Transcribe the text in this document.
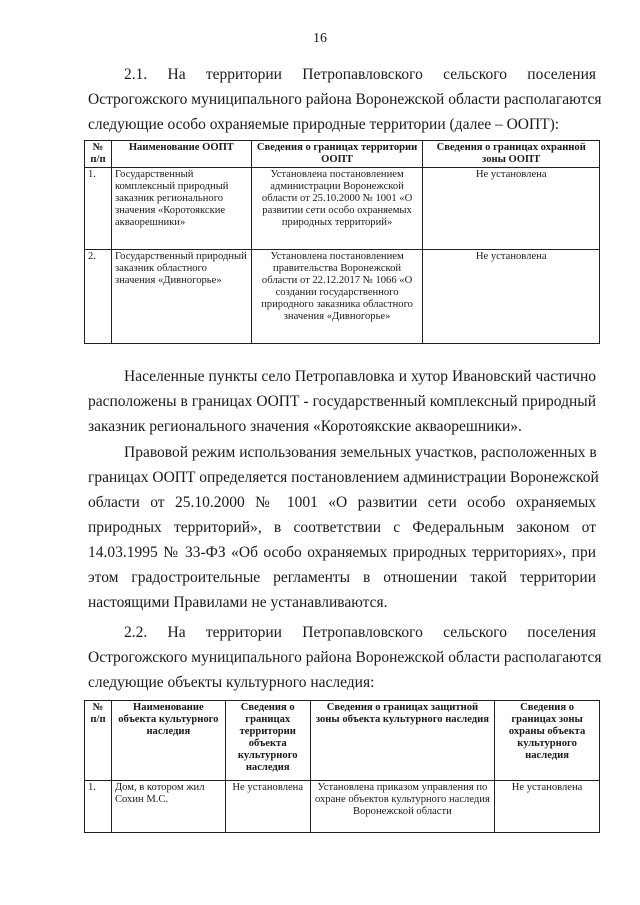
16
2.1. На территории Петропавловского сельского поселения
Острогожского муниципального района Воронежской области располагаются
следующие особо охраняемые природные территории (далее – ООПТ):
№ п/п	Наименование ООПТ	Сведения о границах территории ООПТ	Сведения о границах охранной зоны ООПТ
1.	Государственный комплексный природный заказник регионального значения «Коротоякские акваорешники»	Установлена постановлением администрации Воронежской области от 25.10.2000 № 1001 «О развитии сети особо охраняемых природных территорий»	Не установлена
2.	Государственный природный заказник областного значения «Дивногорье»	Установлена постановлением правительства Воронежской области от 22.12.2017 № 1066 «О создании государственного природного заказника областного значения «Дивногорье»	Не установлена
Населенные пункты село Петропавловка и хутор Ивановский частично
расположены в границах ООПТ - государственный комплексный природный
заказник регионального значения «Коротоякские акваорешники».
Правовой режим использования земельных участков, расположенных в
границах ООПТ определяется постановлением администрации Воронежской
области от 25.10.2000 № 1001 «О развитии сети особо охраняемых
природных территорий», в соответствии с Федеральным законом от
14.03.1995 № 33-ФЗ «Об особо охраняемых природных территориях», при
этом градостроительные регламенты в отношении такой территории
настоящими Правилами не устанавливаются.
2.2. На территории Петропавловского сельского поселения
Острогожского муниципального района Воронежской области располагаются
следующие объекты культурного наследия:
№ п/п	Наименование объекта культурного наследия	Сведения о границах территории объекта культурного наследия	Сведения о границах защитной зоны объекта культурного наследия	Сведения о границах зоны охраны объекта культурного наследия
1.	Дом, в котором жил Сохин М.С.	Не установлена	Установлена приказом управления по охране объектов культурного наследия Воронежской области	Не установлена
